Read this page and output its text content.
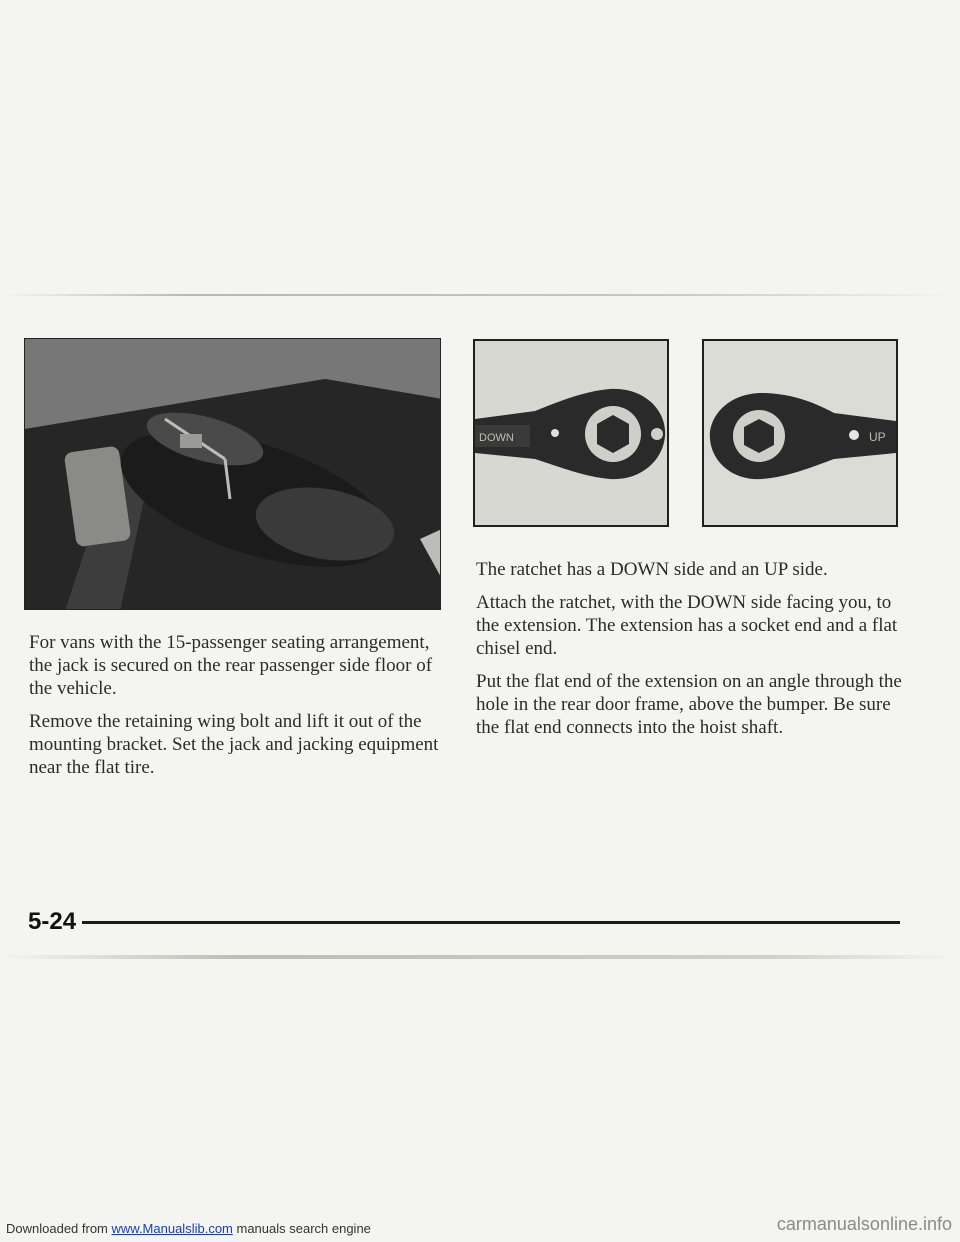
DOWN	UP

For vans with the 15-passenger seating arrangement, the jack is secured on the rear passenger side floor of the vehicle.

Remove the retaining wing bolt and lift it out of the mounting bracket. Set the jack and jacking equipment near the flat tire.

The ratchet has a DOWN side and an UP side.

Attach the ratchet, with the DOWN side facing you, to the extension. The extension has a socket end and a flat chisel end.

Put the flat end of the extension on an angle through the hole in the rear door frame, above the bumper. Be sure the flat end connects into the hoist shaft.

5-24
Downloaded from www.Manualslib.com manuals search engine	carmanualsonline.info
